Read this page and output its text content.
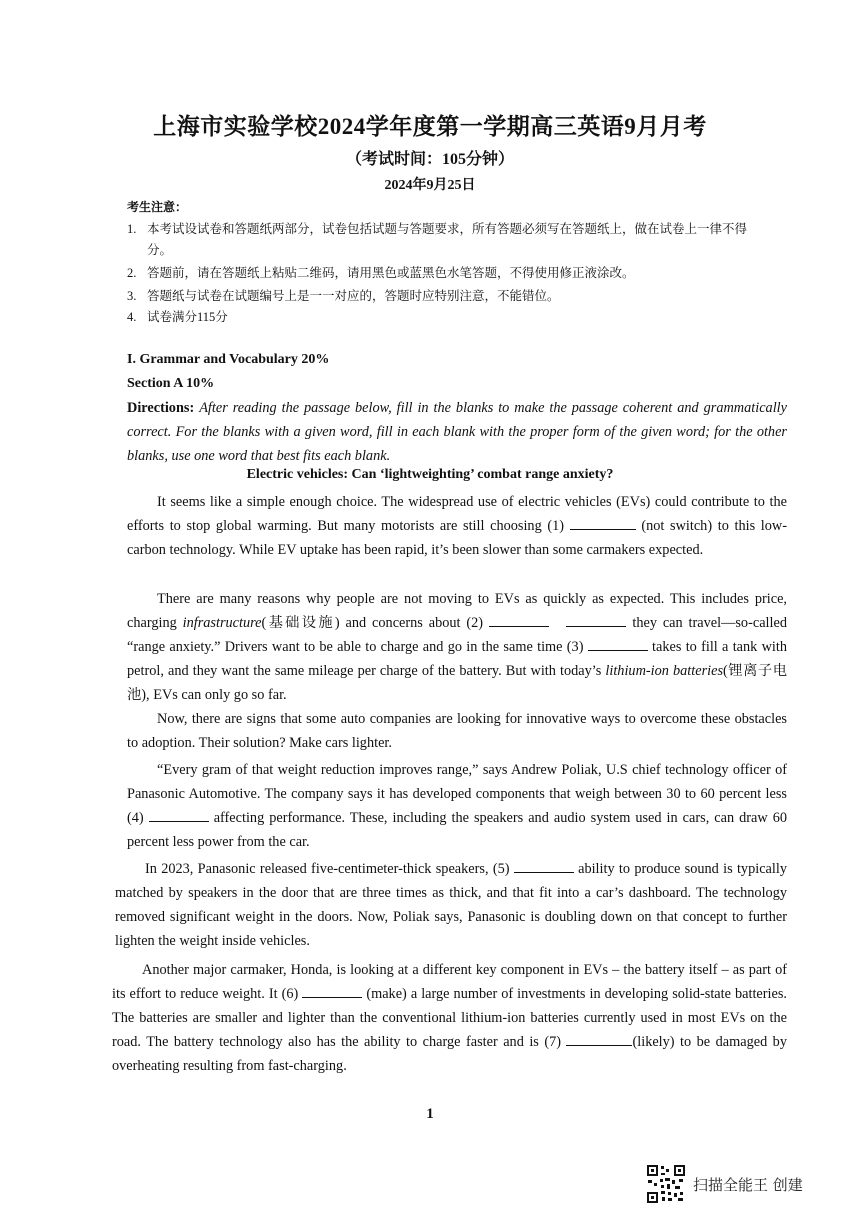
上海市实验学校2024学年度第一学期高三英语9月月考
（考试时间：105分钟）
2024年9月25日
考生注意：
1. 本考试设试卷和答题纸两部分，试卷包括试题与答题要求，所有答题必须写在答题纸上，做在试卷上一律不得
分。
2. 答题前，请在答题纸上粘贴二维码，请用黑色或蓝黑色水笔答题，不得使用修正液涂改。
3. 答题纸与试卷在试题编号上是一一对应的，答题时应特别注意，不能错位。
4. 试卷满分115分
I. Grammar and Vocabulary 20%
Section A 10%
Directions: After reading the passage below, fill in the blanks to make the passage coherent and grammatically correct. For the blanks with a given word, fill in each blank with the proper form of the given word; for the other blanks, use one word that best fits each blank.
Electric vehicles: Can ‘lightweighting’ combat range anxiety?
It seems like a simple enough choice. The widespread use of electric vehicles (EVs) could contribute to the efforts to stop global warming. But many motorists are still choosing (1)	(not switch) to this low-carbon technology. While EV uptake has been rapid, it’s been slower than some carmakers expected.
There are many reasons why people are not moving to EVs as quickly as expected. This includes price, charging infrastructure(基础设施) and concerns about (2)	they can travel—so-called “range anxiety.” Drivers want to be able to charge and go in the same time (3)	takes to fill a tank with petrol, and they want the same mileage per charge of the battery. But with today’s lithium-ion batteries(锂离子电池), EVs can only go so far.
Now, there are signs that some auto companies are looking for innovative ways to overcome these obstacles to adoption. Their solution? Make cars lighter.
“Every gram of that weight reduction improves range,” says Andrew Poliak, U.S chief technology officer of Panasonic Automotive. The company says it has developed components that weigh between 30 to 60 percent less (4)	affecting performance. These, including the speakers and audio system used in cars, can draw 60 percent less power from the car.
In 2023, Panasonic released five-centimeter-thick speakers, (5)	ability to produce sound is typically matched by speakers in the door that are three times as thick, and that fit into a car’s dashboard. The technology removed significant weight in the doors. Now, Poliak says, Panasonic is doubling down on that concept to further lighten the weight inside vehicles.
Another major carmaker, Honda, is looking at a different key component in EVs – the battery itself – as part of its effort to reduce weight. It (6)	(make) a large number of investments in developing solid-state batteries. The batteries are smaller and lighter than the conventional lithium-ion batteries currently used in most EVs on the road. The battery technology also has the ability to charge faster and is (7)	(likely) to be damaged by overheating resulting from fast-charging.
1
扫描全能王 创建
